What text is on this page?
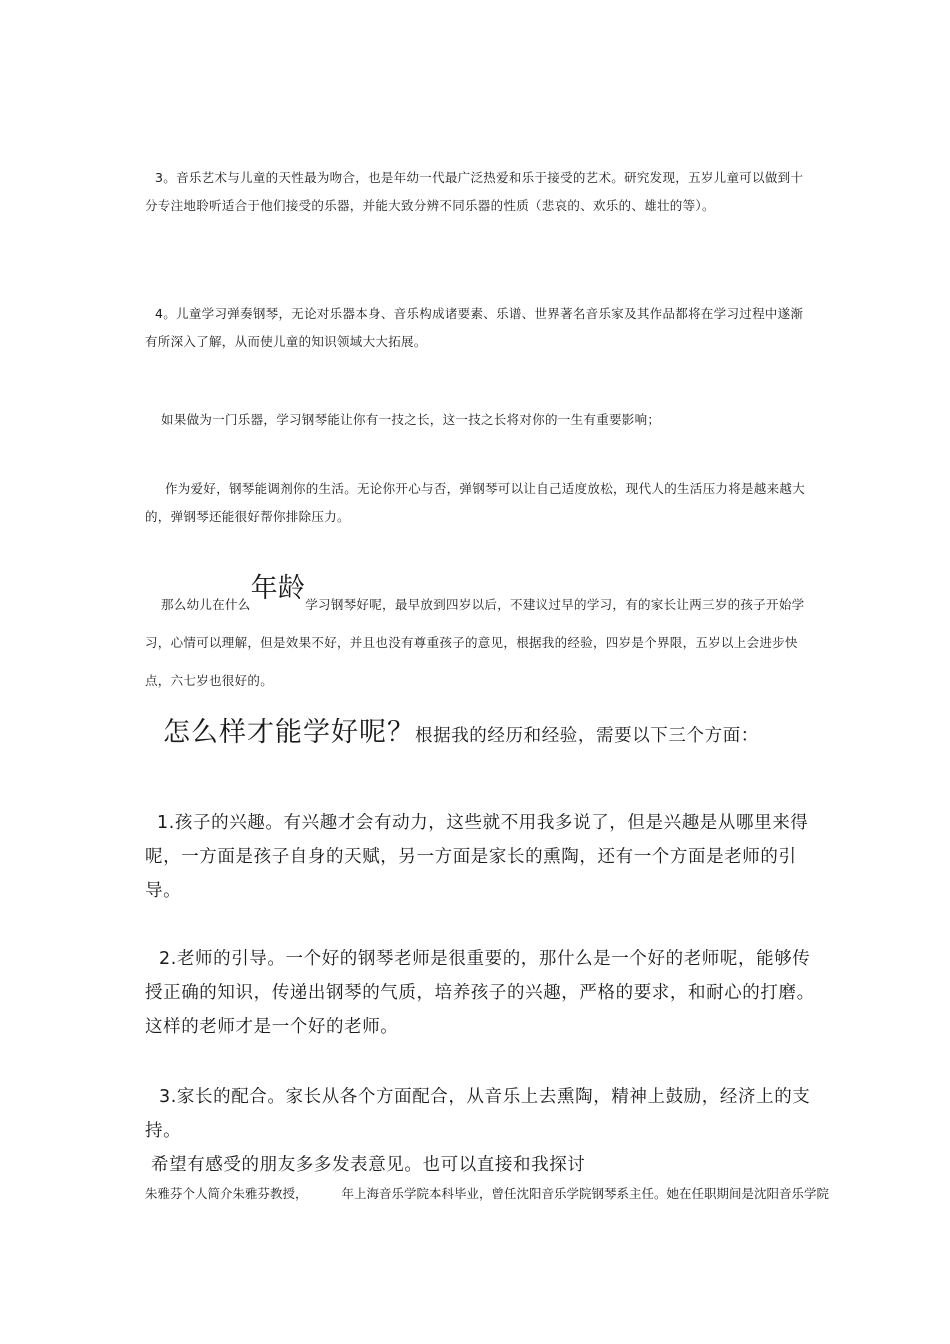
3。音乐艺术与儿童的天性最为吻合，也是年幼一代最广泛热爱和乐于接受的艺术。研究发现，五岁儿童可以做到十分专注地聆听适合于他们接受的乐器，并能大致分辨不同乐器的性质（悲哀的、欢乐的、雄壮的等）。

4。儿童学习弹奏钢琴，无论对乐器本身、音乐构成诸要素、乐谱、世界著名音乐家及其作品都将在学习过程中遂渐有所深入了解，从而使儿童的知识领域大大拓展。

如果做为一门乐器，学习钢琴能让你有一技之长，这一技之长将对你的一生有重要影响；

作为爱好，钢琴能调剂你的生活。无论你开心与否，弹钢琴可以让自己适度放松，现代人的生活压力将是越来越大的，弹钢琴还能很好帮你排除压力。

那么幼儿在什么年龄学习钢琴好呢，最早放到四岁以后，不建议过早的学习，有的家长让两三岁的孩子开始学习，心情可以理解，但是效果不好，并且也没有尊重孩子的意见，根据我的经验，四岁是个界限，五岁以上会进步快点，六七岁也很好的。

怎么样才能学好呢？根据我的经历和经验，需要以下三个方面：

1.孩子的兴趣。有兴趣才会有动力，这些就不用我多说了，但是兴趣是从哪里来得呢，一方面是孩子自身的天赋，另一方面是家长的熏陶，还有一个方面是老师的引导。

2.老师的引导。一个好的钢琴老师是很重要的，那什么是一个好的老师呢，能够传授正确的知识，传递出钢琴的气质，培养孩子的兴趣，严格的要求，和耐心的打磨。这样的老师才是一个好的老师。

3.家长的配合。家长从各个方面配合，从音乐上去熏陶，精神上鼓励，经济上的支持。

希望有感受的朋友多多发表意见。也可以直接和我探讨

朱雅芬个人简介朱雅芬教授，	年上海音乐学院本科毕业，曾任沈阳音乐学院钢琴系主任。她在任职期间是沈阳音乐学院
